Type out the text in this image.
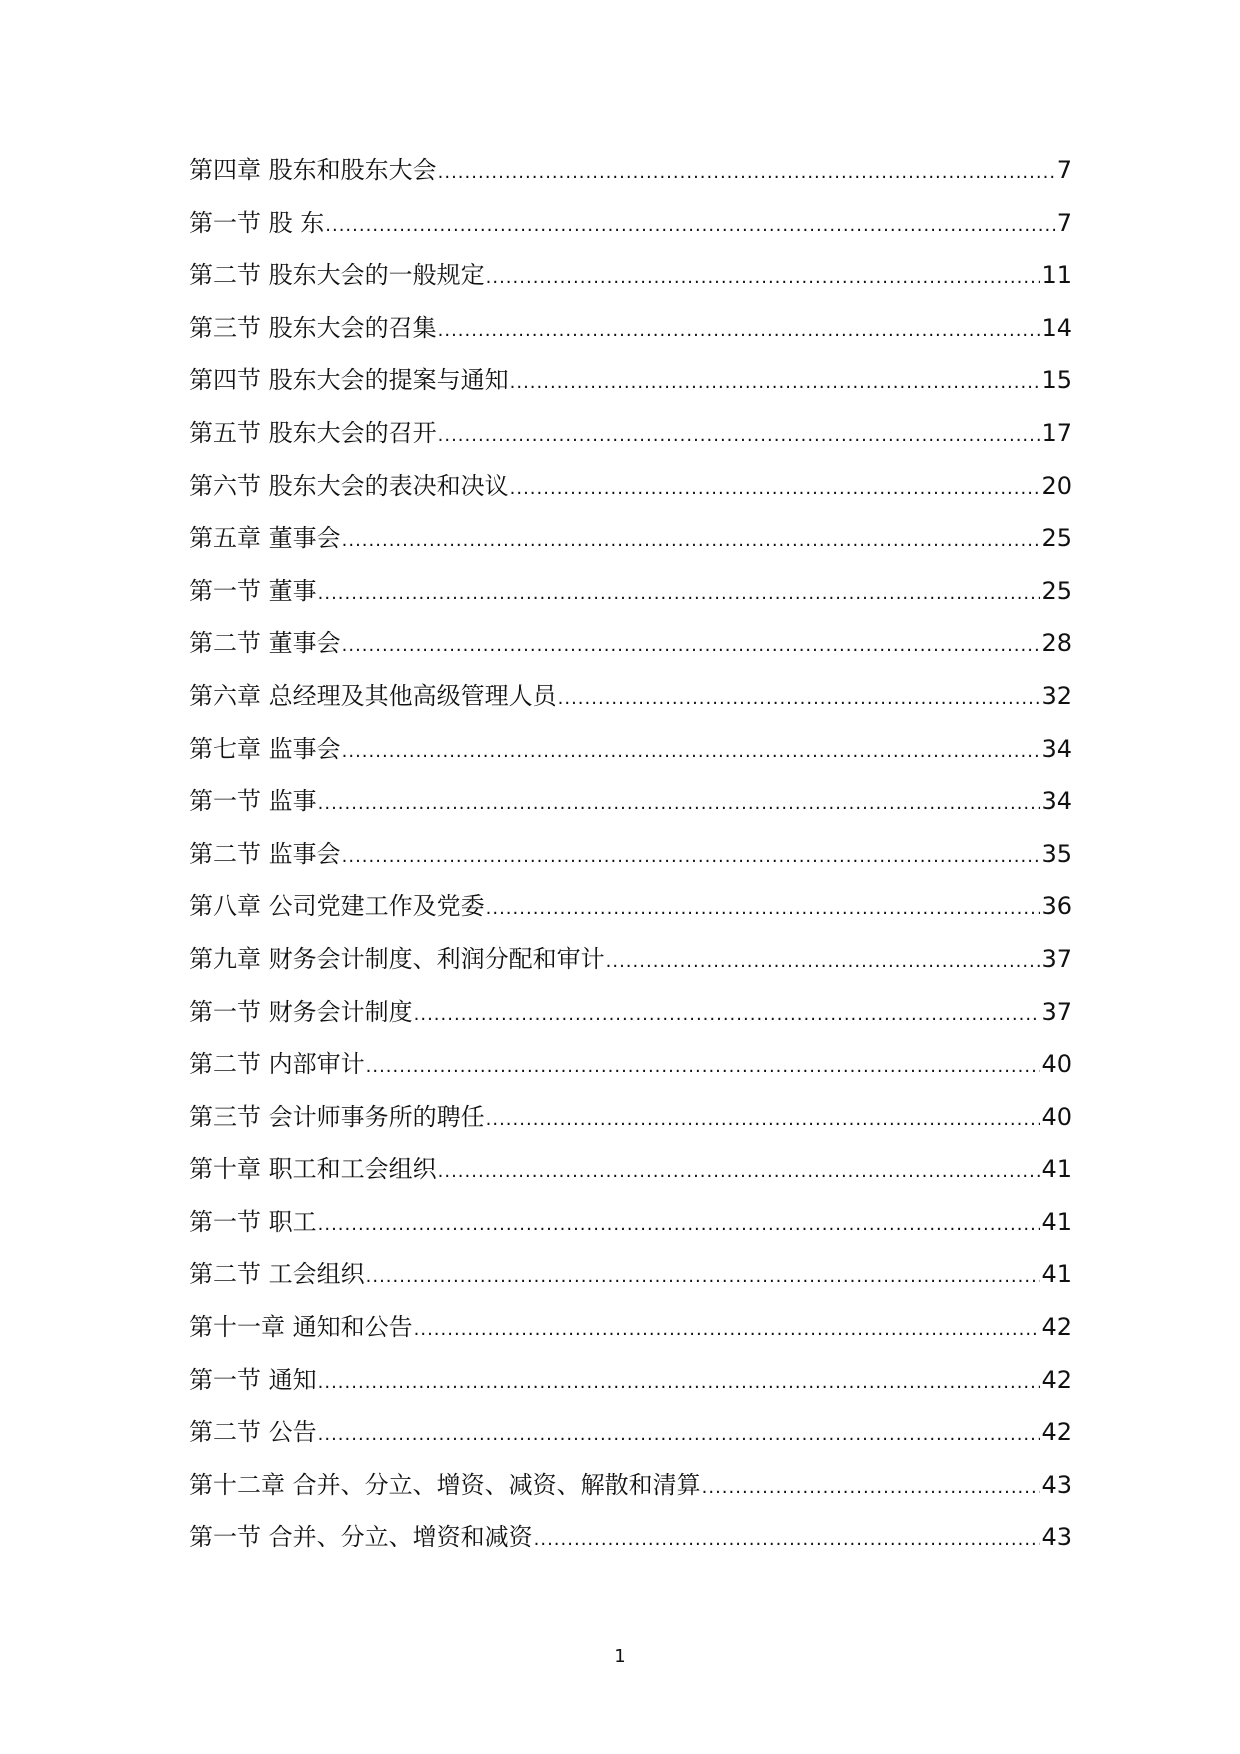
第四章 股东和股东大会 .....	7
第一节 股 东 .....	7
第二节 股东大会的一般规定 .....	11
第三节 股东大会的召集 .....	14
第四节 股东大会的提案与通知 .....	15
第五节 股东大会的召开 .....	17
第六节 股东大会的表决和决议 .....	20
第五章 董事会 .....	25
第一节 董事 .....	25
第二节 董事会 .....	28
第六章 总经理及其他高级管理人员 .....	32
第七章 监事会 .....	34
第一节 监事 .....	34
第二节 监事会 .....	35
第八章 公司党建工作及党委 .....	36
第九章 财务会计制度、利润分配和审计 .....	37
第一节 财务会计制度 .....	37
第二节 内部审计 .....	40
第三节 会计师事务所的聘任 .....	40
第十章 职工和工会组织 .....	41
第一节 职工 .....	41
第二节 工会组织 .....	41
第十一章 通知和公告 .....	42
第一节 通知 .....	42
第二节 公告 .....	42
第十二章 合并、分立、增资、减资、解散和清算 .....	43
第一节 合并、分立、增资和减资 .....	43
1
